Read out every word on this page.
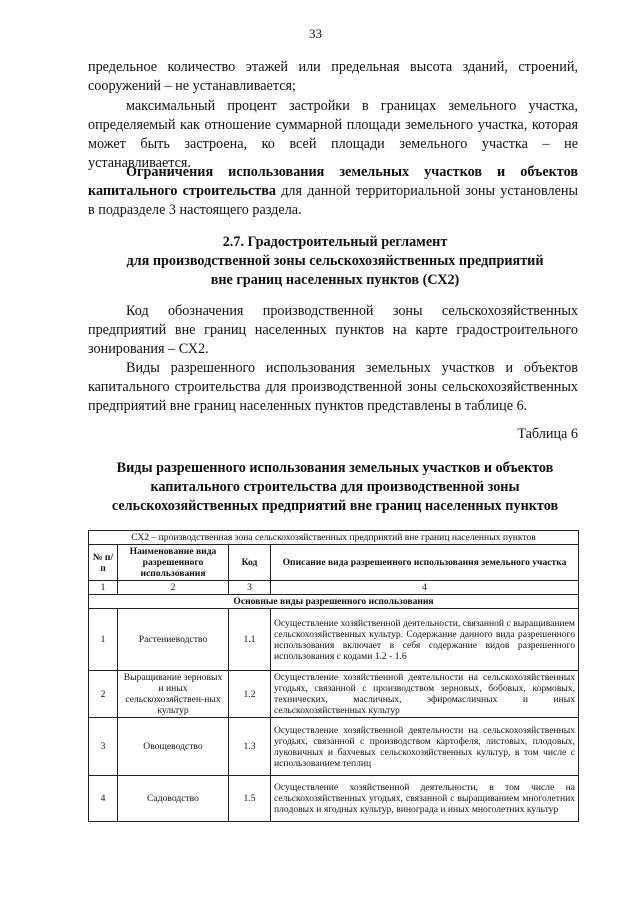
33
предельное количество этажей или предельная высота зданий, строений, сооружений – не устанавливается;
максимальный процент застройки в границах земельного участка, определяемый как отношение суммарной площади земельного участка, которая может быть застроена, ко всей площади земельного участка – не устанавливается.
Ограничения использования земельных участков и объектов капитального строительства для данной территориальной зоны установлены в подразделе 3 настоящего раздела.
2.7. Градостроительный регламент
для производственной зоны сельскохозяйственных предприятий
вне границ населенных пунктов (СХ2)
Код обозначения производственной зоны сельскохозяйственных предприятий вне границ населенных пунктов на карте градостроительного зонирования – СХ2.
Виды разрешенного использования земельных участков и объектов капитального строительства для производственной зоны сельскохозяйственных предприятий вне границ населенных пунктов представлены в таблице 6.
Таблица 6
Виды разрешенного использования земельных участков и объектов
капитального строительства для производственной зоны
сельскохозяйственных предприятий вне границ населенных пунктов
СХ2 – производственная зона сельскохозяйственных предприятий вне границ населенных пунктов			
№ п/п	Наименование вида разрешенного использования	Код	Описание вида разрешенного использования земельного участка
1	2	3	4
Основные виды разрешенного использования			
1	Растениеводство	1.1	Осуществление хозяйственной деятельности, связанной с выращиванием сельскохозяйственных культур. Содержание данного вида разрешенного использования включает в себя содержание видов разрешенного использования с кодами 1.2 - 1.6
2	Выращивание зерновых и иных сельскохозяйствен-ных культур	1.2	Осуществление хозяйственной деятельности на сельскохозяйственных угодьях, связанной с производством зерновых, бобовых, кормовых, технических, масличных, эфиромасличных и иных сельскохозяйственных культур
3	Овощеводство	1.3	Осуществление хозяйственной деятельности на сельскохозяйственных угодьях, связанной с производством картофеля, листовых, плодовых, луковичных и бахчевых сельскохозяйственных культур, в том числе с использованием теплиц
4	Садоводство	1.5	Осуществление хозяйственной деятельности, в том числе на сельскохозяйственных угодьях, связанной с выращиванием многолетних плодовых и ягодных культур, винограда и иных многолетних культур
